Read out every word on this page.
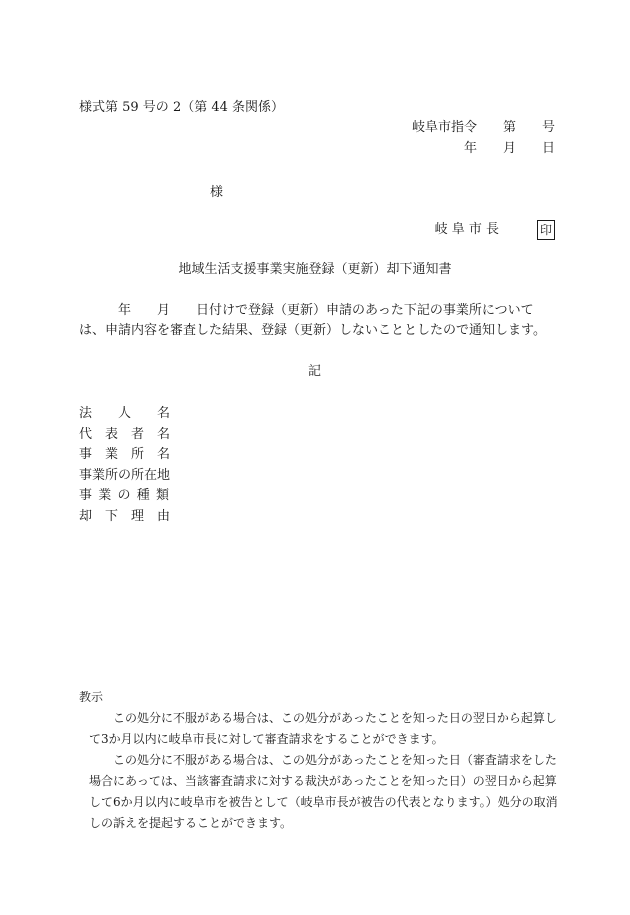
様式第 59 号の 2（第 44 条関係）
岐阜市指令　　第　　号
年　　月　　日
様
岐 阜 市 長	印
地域生活支援事業実施登録（更新）却下通知書
　　　年　　月　　日付けで登録（更新）申請のあった下記の事業所について
は、申請内容を審査した結果、登録（更新）しないこととしたので通知します。
記
法　　人　　名
代　表　者　名
事　業　所　名
事業所の所在地
事 業 の 種 類
却　下　理　由
教示
この処分に不服がある場合は、この処分があったことを知った日の翌日から起算して3か月以内に岐阜市長に対して審査請求をすることができます。
この処分に不服がある場合は、この処分があったことを知った日（審査請求をした場合にあっては、当該審査請求に対する裁決があったことを知った日）の翌日から起算して6か月以内に岐阜市を被告として（岐阜市長が被告の代表となります。）処分の取消しの訴えを提起することができます。
